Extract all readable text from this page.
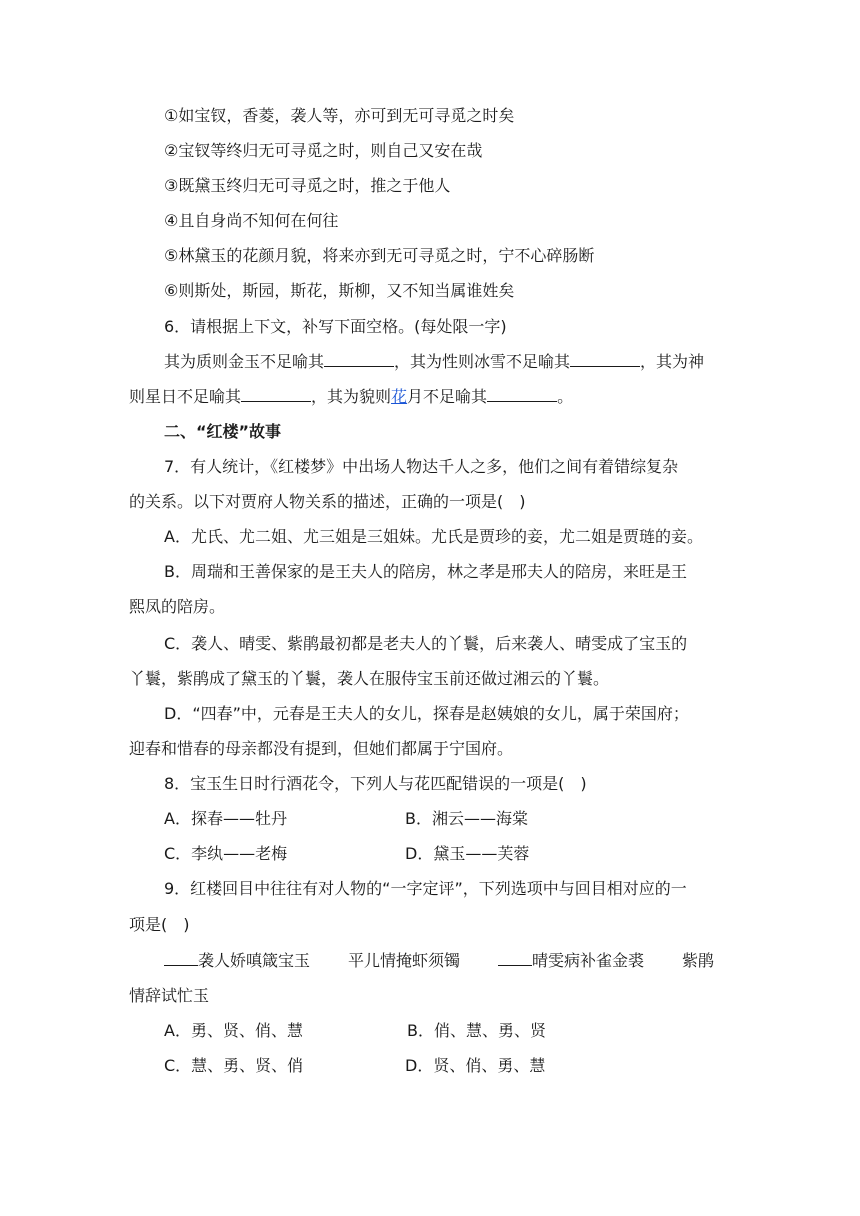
①如宝钗，香菱，袭人等，亦可到无可寻觅之时矣
②宝钗等终归无可寻觅之时，则自己又安在哉
③既黛玉终归无可寻觅之时，推之于他人
④且自身尚不知何在何往
⑤林黛玉的花颜月貌，将来亦到无可寻觅之时，宁不心碎肠断
⑥则斯处，斯园，斯花，斯柳，又不知当属谁姓矣
6．请根据上下文，补写下面空格。(每处限一字)
其为质则金玉不足喻其	，其为性则冰雪不足喻其	，其为神
则星日不足喻其	，其为貌则花月不足喻其	。
二、“红楼”故事
7．有人统计，《红楼梦》中出场人物达千人之多，他们之间有着错综复杂
的关系。以下对贾府人物关系的描述，正确的一项是(　)
A．尤氏、尤二姐、尤三姐是三姐妹。尤氏是贾珍的妾，尤二姐是贾琏的妾。
B．周瑞和王善保家的是王夫人的陪房，林之孝是邢夫人的陪房，来旺是王
熙凤的陪房。
C．袭人、晴雯、紫鹃最初都是老夫人的丫鬟，后来袭人、晴雯成了宝玉的
丫鬟，紫鹃成了黛玉的丫鬟，袭人在服侍宝玉前还做过湘云的丫鬟。
D．“四春”中，元春是王夫人的女儿，探春是赵姨娘的女儿，属于荣国府；
迎春和惜春的母亲都没有提到，但她们都属于宁国府。
8．宝玉生日时行酒花令，下列人与花匹配错误的一项是(　)
A．探春——牡丹	B．湘云——海棠
C．李纨——老梅	D．黛玉——芙蓉
9．红楼回目中往往有对人物的“一字定评”，下列选项中与回目相对应的一
项是(　)
袭人娇嗔箴宝玉 平儿情掩虾须镯	晴雯病补雀金裘 紫鹃
情辞试忙玉
A．勇、贤、俏、慧	B．俏、慧、勇、贤
C．慧、勇、贤、俏	D．贤、俏、勇、慧
